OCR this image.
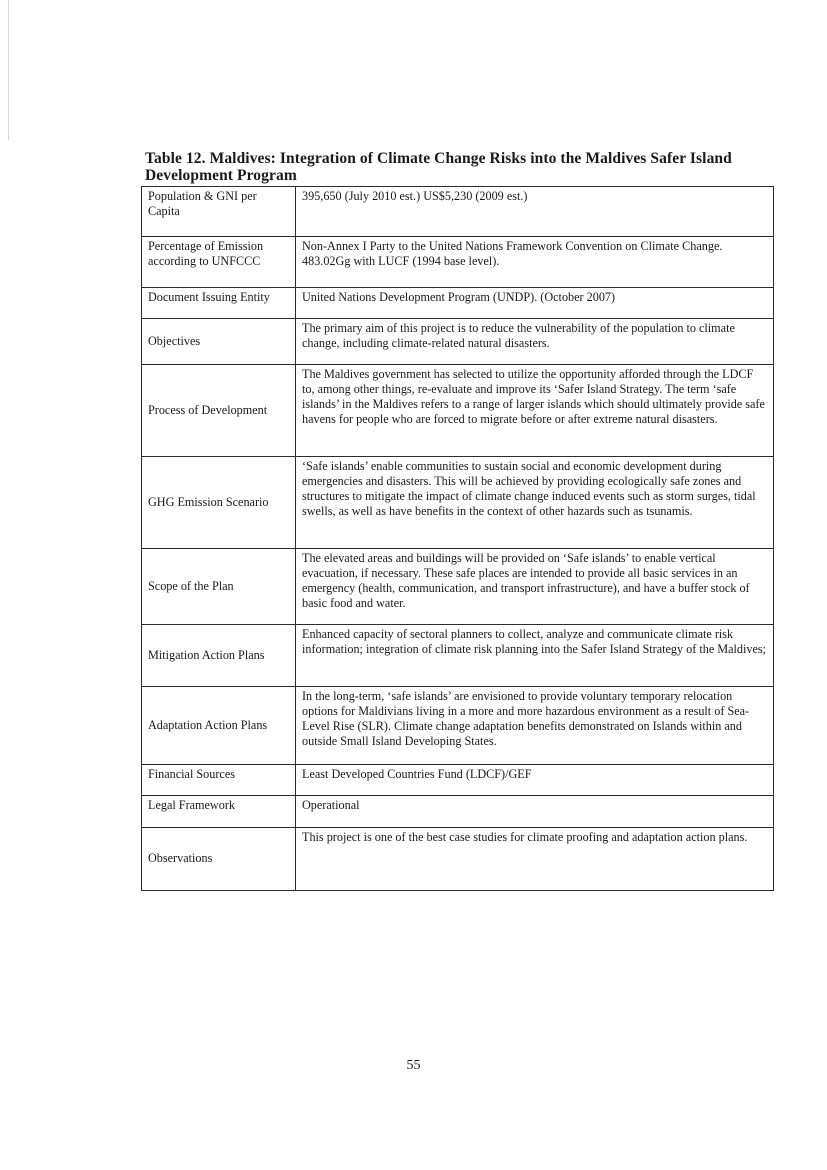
Table 12. Maldives: Integration of Climate Change Risks into the Maldives Safer Island Development Program
Population & GNI per Capita	395,650 (July 2010 est.) US$5,230 (2009 est.)
Percentage of Emission according to UNFCCC	Non-Annex I Party to the United Nations Framework Convention on Climate Change. 483.02Gg with LUCF (1994 base level).
Document Issuing Entity	United Nations Development Program (UNDP). (October 2007)
Objectives	The primary aim of this project is to reduce the vulnerability of the population to climate change, including climate-related natural disasters.
Process of Development	The Maldives government has selected to utilize the opportunity afforded through the LDCF to, among other things, re-evaluate and improve its ‘Safer Island Strategy. The term ‘safe islands’ in the Maldives refers to a range of larger islands which should ultimately provide safe havens for people who are forced to migrate before or after extreme natural disasters.
GHG Emission Scenario	‘Safe islands’ enable communities to sustain social and economic development during emergencies and disasters. This will be achieved by providing ecologically safe zones and structures to mitigate the impact of climate change induced events such as storm surges, tidal swells, as well as have benefits in the context of other hazards such as tsunamis.
Scope of the Plan	The elevated areas and buildings will be provided on ‘Safe islands’ to enable vertical evacuation, if necessary. These safe places are intended to provide all basic services in an emergency (health, communication, and transport infrastructure), and have a buffer stock of basic food and water.
Mitigation Action Plans	Enhanced capacity of sectoral planners to collect, analyze and communicate climate risk information; integration of climate risk planning into the Safer Island Strategy of the Maldives;
Adaptation Action Plans	In the long-term, ‘safe islands’ are envisioned to provide voluntary temporary relocation options for Maldivians living in a more and more hazardous environment as a result of Sea-Level Rise (SLR). Climate change adaptation benefits demonstrated on Islands within and outside Small Island Developing States.
Financial Sources	Least Developed Countries Fund (LDCF)/GEF
Legal Framework	Operational
Observations	This project is one of the best case studies for climate proofing and adaptation action plans.
55
